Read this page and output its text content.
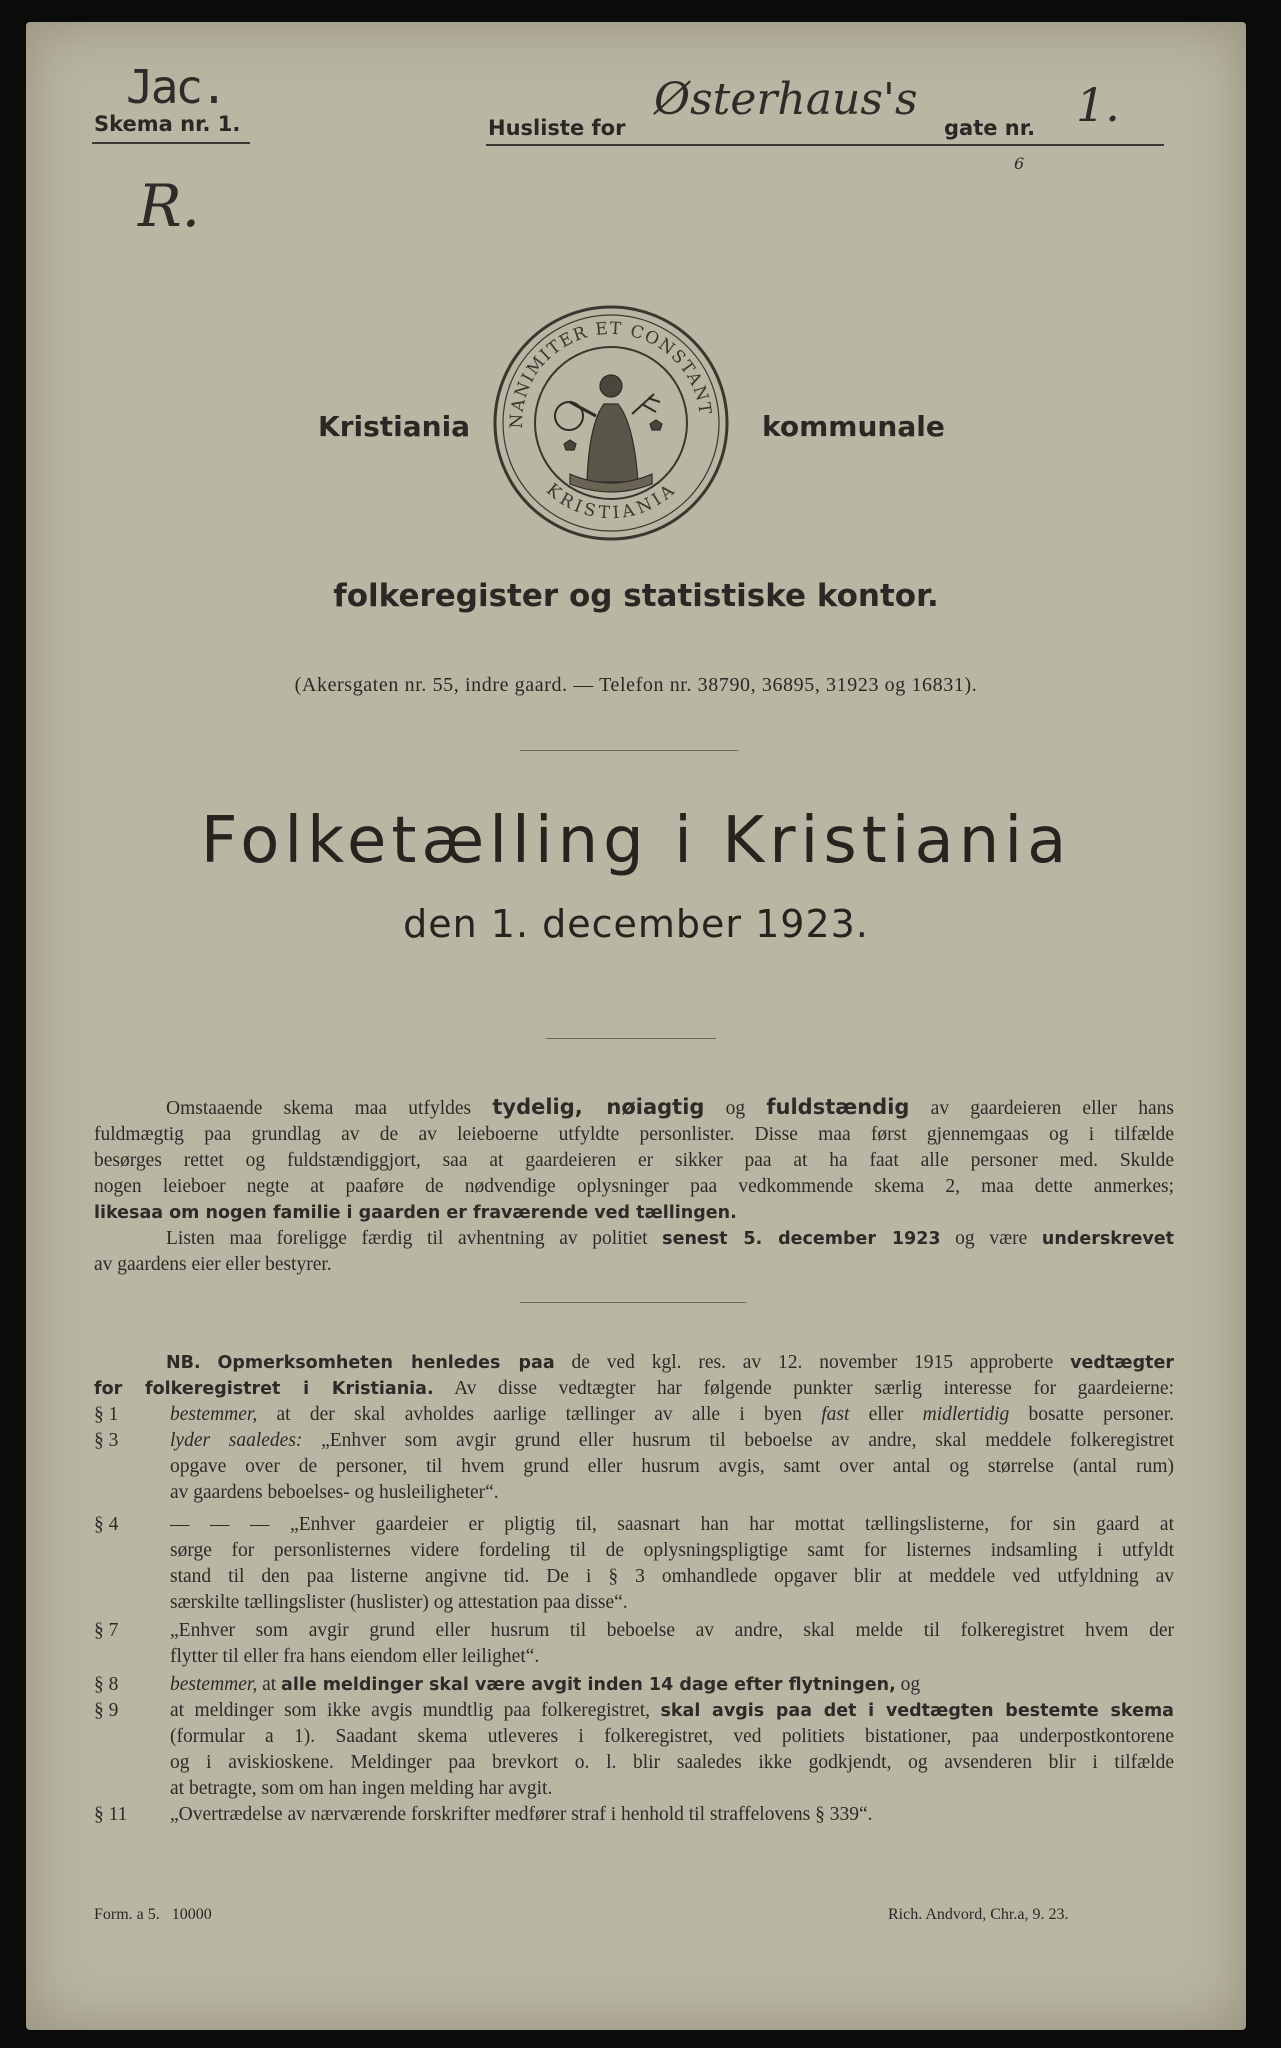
Jac.
Skema nr. 1.	Husliste for
Østerhaus's
gate nr. 1.
6
R.
Kristiania	NANIMITER ET CONSTANT
KRISTIANIA
kommunale
folkeregister og statistiske kontor.
(Akersgaten nr. 55, indre gaard. — Telefon nr. 38790, 36895, 31923 og 16831).
Folketælling i Kristiania
den 1. december 1923.
Omstaaende skema maa utfyldes tydelig, nøiagtig og fuldstændig av gaardeieren eller hans
fuldmægtig paa grundlag av de av leieboerne utfyldte personlister. Disse maa først gjennemgaas og i tilfælde
besørges rettet og fuldstændiggjort, saa at gaardeieren er sikker paa at ha faat alle personer med. Skulde
nogen leieboer negte at paaføre de nødvendige oplysninger paa vedkommende skema 2, maa dette anmerkes;
likesaa om nogen familie i gaarden er fraværende ved tællingen.
Listen maa foreligge færdig til avhentning av politiet senest 5. december 1923 og være underskrevet
av gaardens eier eller bestyrer.
NB. Opmerksomheten henledes paa de ved kgl. res. av 12. november 1915 approberte vedtægter
for folkeregistret i Kristiania. Av disse vedtægter har følgende punkter særlig interesse for gaardeierne:
§ 1	bestemmer, at der skal avholdes aarlige tællinger av alle i byen fast eller midlertidig bosatte personer.
§ 3	lyder saaledes: „Enhver som avgir grund eller husrum til beboelse av andre, skal meddele folkeregistret
opgave over de personer, til hvem grund eller husrum avgis, samt over antal og størrelse (antal rum)
av gaardens beboelses- og husleiligheter“.
§ 4	— — — „Enhver gaardeier er pligtig til, saasnart han har mottat tællingslisterne, for sin gaard at
sørge for personlisternes videre fordeling til de oplysningspligtige samt for listernes indsamling i utfyldt
stand til den paa listerne angivne tid. De i § 3 omhandlede opgaver blir at meddele ved utfyldning av
særskilte tællingslister (huslister) og attestation paa disse“.
§ 7	„Enhver som avgir grund eller husrum til beboelse av andre, skal melde til folkeregistret hvem der
flytter til eller fra hans eiendom eller leilighet“.
§ 8	bestemmer, at alle meldinger skal være avgit inden 14 dage efter flytningen, og
§ 9	at meldinger som ikke avgis mundtlig paa folkeregistret, skal avgis paa det i vedtægten bestemte skema
(formular a 1). Saadant skema utleveres i folkeregistret, ved politiets bistationer, paa underpostkontorene
og i aviskioskene. Meldinger paa brevkort o. l. blir saaledes ikke godkjendt, og avsenderen blir i tilfælde
at betragte, som om han ingen melding har avgit.
§ 11 „Overtrædelse av nærværende forskrifter medfører straf i henhold til straffelovens § 339“.
Form. a 5.   10000	Rich. Andvord, Chr.a, 9. 23.
